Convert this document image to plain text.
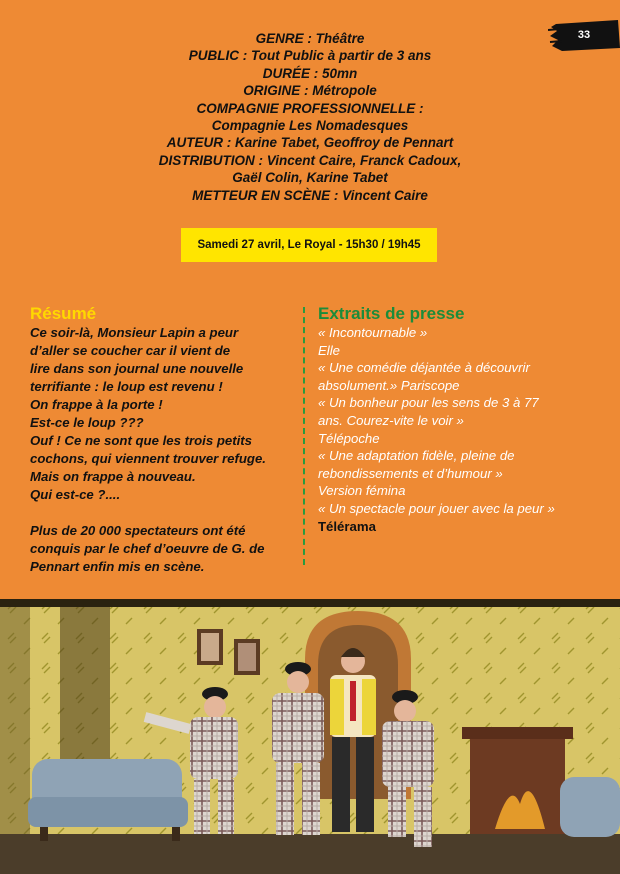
33
GENRE : Théâtre
PUBLIC : Tout Public à partir de 3 ans
DURÉE : 50mn
ORIGINE : Métropole
COMPAGNIE PROFESSIONNELLE :
Compagnie Les Nomadesques
AUTEUR : Karine Tabet, Geoffroy de Pennart
DISTRIBUTION : Vincent Caire, Franck Cadoux,
Gaël Colin, Karine Tabet
METTEUR EN SCÈNE : Vincent Caire
Samedi 27 avril, Le Royal - 15h30 / 19h45
Résumé
Ce soir-là, Monsieur Lapin a peur
d’aller se coucher car il vient de
lire dans son journal une nouvelle
terrifiante : le loup est revenu !
On frappe à la porte !
Est-ce le loup ???
Ouf ! Ce ne sont que les trois petits
cochons, qui viennent trouver refuge.
Mais on frappe à nouveau.
Qui est-ce ?....
Plus de 20 000 spectateurs ont été
conquis par le chef d’oeuvre de G. de
Pennart enfin mis en scène.
Extraits de presse
« Incontournable »
Elle
« Une comédie déjantée à découvrir
absolument.» Pariscope
« Un bonheur pour les sens de 3 à 77
ans. Courez-vite le voir »
Télépoche
« Une adaptation fidèle, pleine de
rebondissements et d’humour »
Version fémina
« Un spectacle pour jouer avec la peur »
Télérama
